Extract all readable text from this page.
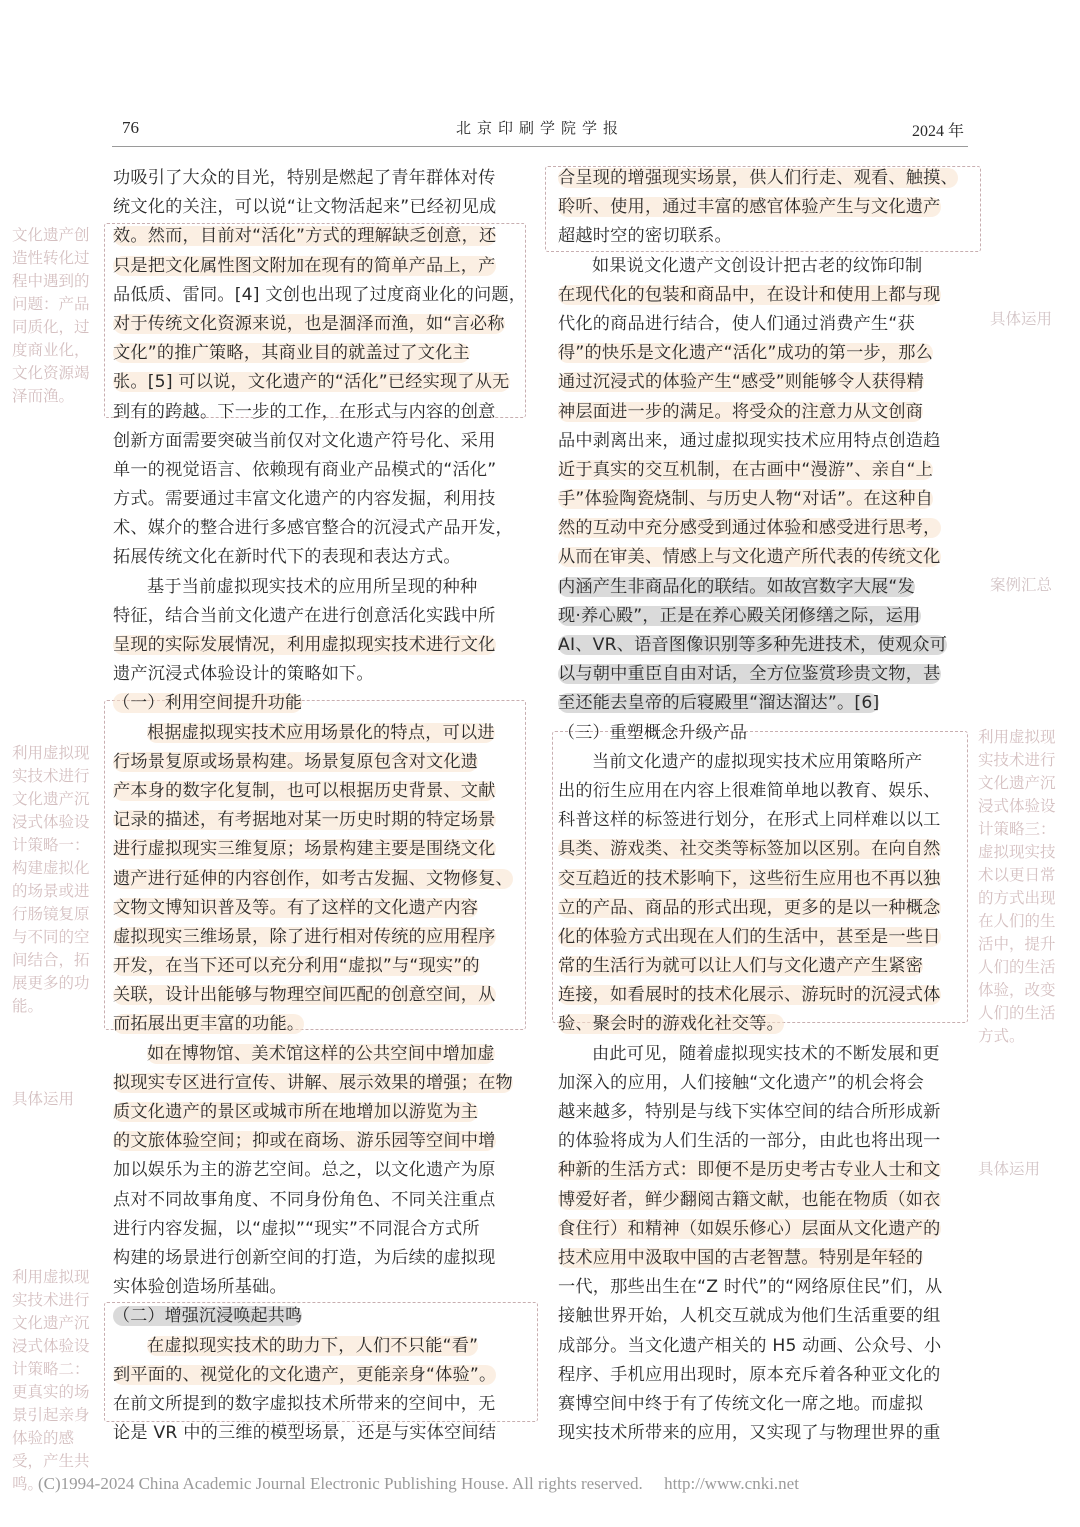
76	北京印刷学院学报	2024 年
功吸引了大众的目光，特别是燃起了青年群体对传
统文化的关注，可以说“让文物活起来”已经初见成
效。然而，目前对“活化”方式的理解缺乏创意，还
只是把文化属性图文附加在现有的简单产品上，产
品低质、雷同。[4] 文创也出现了过度商业化的问题，
对于传统文化资源来说，也是涸泽而渔，如“言必称
文化”的推广策略，其商业目的就盖过了文化主
张。[5] 可以说，文化遗产的“活化”已经实现了从无
到有的跨越。下一步的工作，在形式与内容的创意
创新方面需要突破当前仅对文化遗产符号化、采用
单一的视觉语言、依赖现有商业产品模式的“活化”
方式。需要通过丰富文化遗产的内容发掘，利用技
术、媒介的整合进行多感官整合的沉浸式产品开发，
拓展传统文化在新时代下的表现和表达方式。
基于当前虚拟现实技术的应用所呈现的种种
特征，结合当前文化遗产在进行创意活化实践中所
呈现的实际发展情况，利用虚拟现实技术进行文化
遗产沉浸式体验设计的策略如下。
（一）利用空间提升功能
根据虚拟现实技术应用场景化的特点，可以进
行场景复原或场景构建。场景复原包含对文化遗
产本身的数字化复制，也可以根据历史背景、文献
记录的描述，有考据地对某一历史时期的特定场景
进行虚拟现实三维复原；场景构建主要是围绕文化
遗产进行延伸的内容创作，如考古发掘、文物修复、
文物文博知识普及等。有了这样的文化遗产内容
虚拟现实三维场景，除了进行相对传统的应用程序
开发，在当下还可以充分利用“虚拟”与“现实”的
关联，设计出能够与物理空间匹配的创意空间，从
而拓展出更丰富的功能。
如在博物馆、美术馆这样的公共空间中增加虚
拟现实专区进行宣传、讲解、展示效果的增强；在物
质文化遗产的景区或城市所在地增加以游览为主
的文旅体验空间；抑或在商场、游乐园等空间中增
加以娱乐为主的游艺空间。总之，以文化遗产为原
点对不同故事角度、不同身份角色、不同关注重点
进行内容发掘，以“虚拟”“现实”不同混合方式所
构建的场景进行创新空间的打造，为后续的虚拟现
实体验创造场所基础。
（二）增强沉浸唤起共鸣
在虚拟现实技术的助力下，人们不只能“看”
到平面的、视觉化的文化遗产，更能亲身“体验”。
在前文所提到的数字虚拟技术所带来的空间中，无
论是 VR 中的三维的模型场景，还是与实体空间结
合呈现的增强现实场景，供人们行走、观看、触摸、
聆听、使用，通过丰富的感官体验产生与文化遗产
超越时空的密切联系。
如果说文化遗产文创设计把古老的纹饰印制
在现代化的包装和商品中，在设计和使用上都与现
代化的商品进行结合，使人们通过消费产生“获
得”的快乐是文化遗产“活化”成功的第一步，那么
通过沉浸式的体验产生“感受”则能够令人获得精
神层面进一步的满足。将受众的注意力从文创商
品中剥离出来，通过虚拟现实技术应用特点创造趋
近于真实的交互机制，在古画中“漫游”、亲自“上
手”体验陶瓷烧制、与历史人物“对话”。在这种自
然的互动中充分感受到通过体验和感受进行思考，
从而在审美、情感上与文化遗产所代表的传统文化
内涵产生非商品化的联结。如故宫数字大展“发
现·养心殿”，正是在养心殿关闭修缮之际，运用
AI、VR、语音图像识别等多种先进技术，使观众可
以与朝中重臣自由对话，全方位鉴赏珍贵文物，甚
至还能去皇帝的后寝殿里“溜达溜达”。[6]
（三）重塑概念升级产品
当前文化遗产的虚拟现实技术应用策略所产
出的衍生应用在内容上很难简单地以教育、娱乐、
科普这样的标签进行划分，在形式上同样难以以工
具类、游戏类、社交类等标签加以区别。在向自然
交互趋近的技术影响下，这些衍生应用也不再以独
立的产品、商品的形式出现，更多的是以一种概念
化的体验方式出现在人们的生活中，甚至是一些日
常的生活行为就可以让人们与文化遗产产生紧密
连接，如看展时的技术化展示、游玩时的沉浸式体
验、聚会时的游戏化社交等。
由此可见，随着虚拟现实技术的不断发展和更
加深入的应用，人们接触“文化遗产”的机会将会
越来越多，特别是与线下实体空间的结合所形成新
的体验将成为人们生活的一部分，由此也将出现一
种新的生活方式：即便不是历史考古专业人士和文
博爱好者，鲜少翻阅古籍文献，也能在物质（如衣
食住行）和精神（如娱乐修心）层面从文化遗产的
技术应用中汲取中国的古老智慧。特别是年轻的
一代，那些出生在“Z 时代”的“网络原住民”们，从
接触世界开始，人机交互就成为他们生活重要的组
成部分。当文化遗产相关的 H5 动画、公众号、小
程序、手机应用出现时，原本充斥着各种亚文化的
赛博空间中终于有了传统文化一席之地。而虚拟
现实技术所带来的应用，又实现了与物理世界的重
文化遗产创造性转化过程中遇到的问题：产品同质化，过度商业化，文化资源竭泽而渔。
利用虚拟现实技术进行文化遗产沉浸式体验设计策略一：构建虚拟化的场景或进行肠镜复原与不同的空间结合，拓展更多的功能。
具体运用
利用虚拟现实技术进行文化遗产沉浸式体验设计策略二：更真实的场景引起亲身体验的感受，产生共鸣。
具体运用
案例汇总
利用虚拟现实技术进行文化遗产沉浸式体验设计策略三：虚拟现实技术以更日常的方式出现在人们的生活中，提升人们的生活体验，改变人们的生活方式。
具体运用
(C)1994-2024 China Academic Journal Electronic Publishing House. All rights reserved. http://www.cnki.net
